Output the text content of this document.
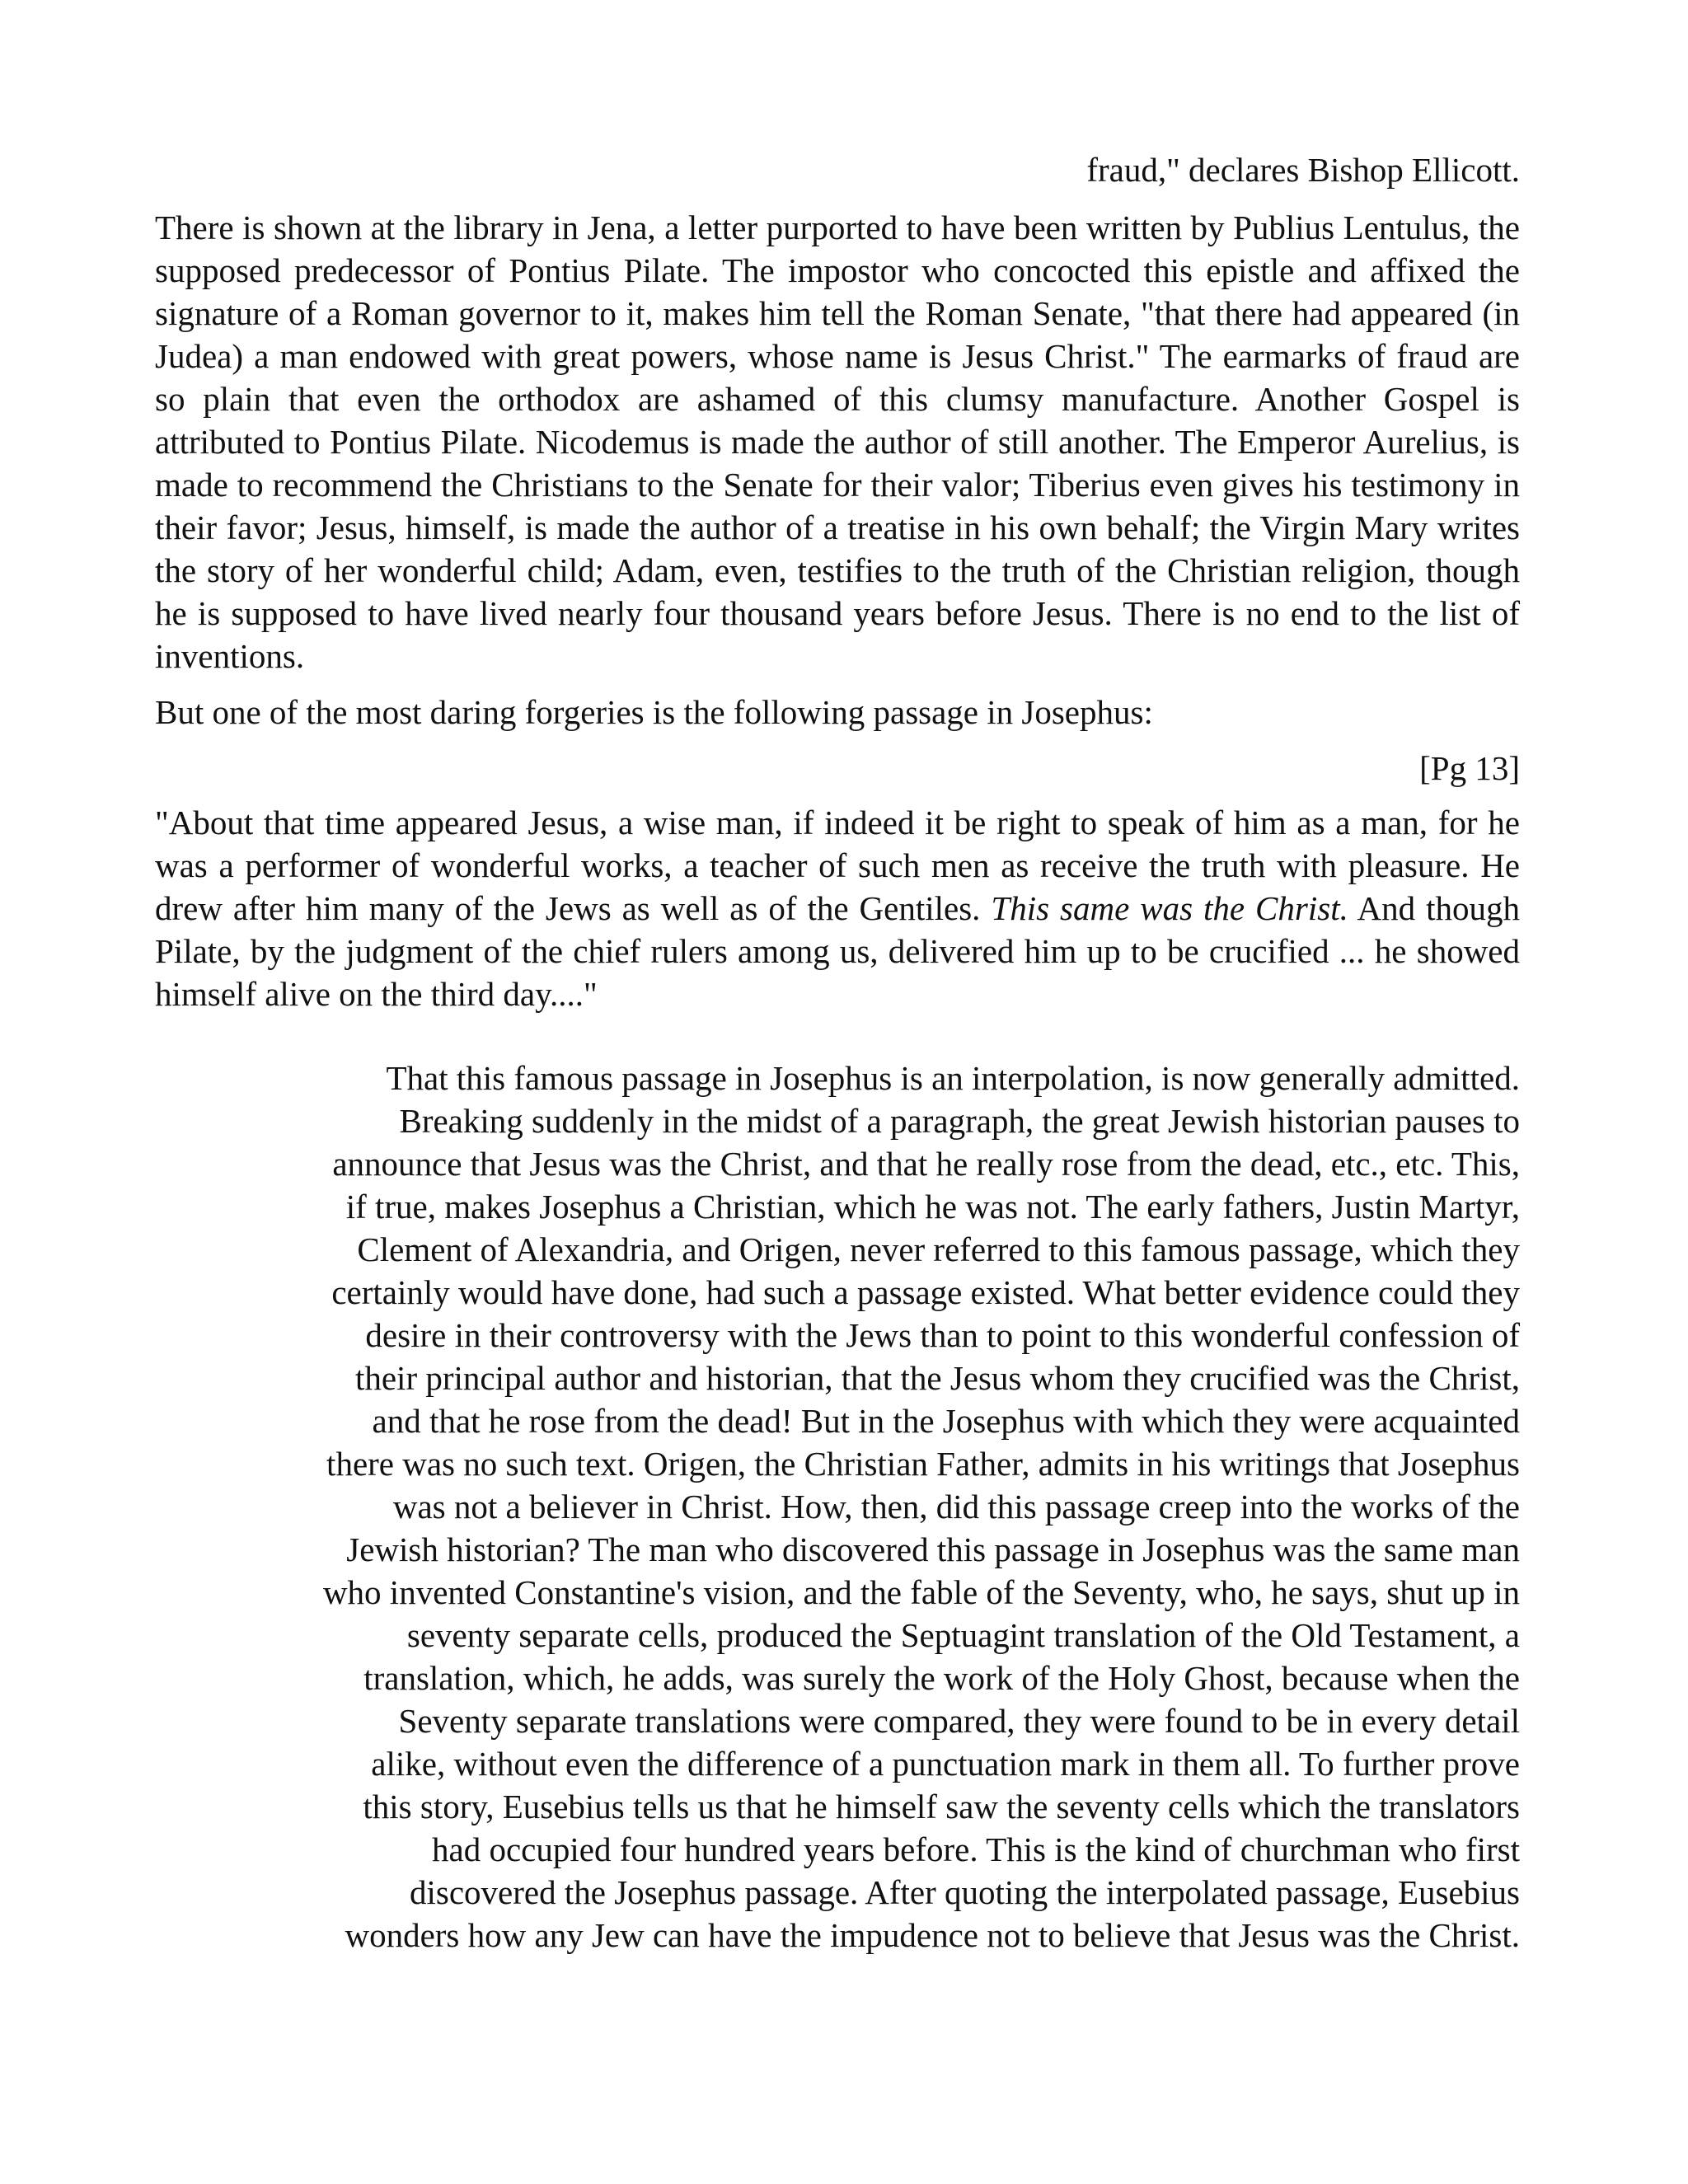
fraud," declares Bishop Ellicott.

There is shown at the library in Jena, a letter purported to have been written by Publius Lentulus, the supposed predecessor of Pontius Pilate. The impostor who concocted this epistle and affixed the signature of a Roman governor to it, makes him tell the Roman Senate, "that there had appeared (in Judea) a man endowed with great powers, whose name is Jesus Christ." The earmarks of fraud are so plain that even the orthodox are ashamed of this clumsy manufacture. Another Gospel is attributed to Pontius Pilate. Nicodemus is made the author of still another. The Emperor Aurelius, is made to recommend the Christians to the Senate for their valor; Tiberius even gives his testimony in their favor; Jesus, himself, is made the author of a treatise in his own behalf; the Virgin Mary writes the story of her wonderful child; Adam, even, testifies to the truth of the Christian religion, though he is supposed to have lived nearly four thousand years before Jesus. There is no end to the list of inventions.

But one of the most daring forgeries is the following passage in Josephus:

[Pg 13]

"About that time appeared Jesus, a wise man, if indeed it be right to speak of him as a man, for he was a performer of wonderful works, a teacher of such men as receive the truth with pleasure. He drew after him many of the Jews as well as of the Gentiles. This same was the Christ. And though Pilate, by the judgment of the chief rulers among us, delivered him up to be crucified ... he showed himself alive on the third day...."

That this famous passage in Josephus is an interpolation, is now generally admitted.
Breaking suddenly in the midst of a paragraph, the great Jewish historian pauses to
announce that Jesus was the Christ, and that he really rose from the dead, etc., etc. This,
if true, makes Josephus a Christian, which he was not. The early fathers, Justin Martyr,
Clement of Alexandria, and Origen, never referred to this famous passage, which they
certainly would have done, had such a passage existed. What better evidence could they
desire in their controversy with the Jews than to point to this wonderful confession of
their principal author and historian, that the Jesus whom they crucified was the Christ,
and that he rose from the dead! But in the Josephus with which they were acquainted
there was no such text. Origen, the Christian Father, admits in his writings that Josephus
was not a believer in Christ. How, then, did this passage creep into the works of the
Jewish historian? The man who discovered this passage in Josephus was the same man
who invented Constantine's vision, and the fable of the Seventy, who, he says, shut up in
seventy separate cells, produced the Septuagint translation of the Old Testament, a
translation, which, he adds, was surely the work of the Holy Ghost, because when the
Seventy separate translations were compared, they were found to be in every detail
alike, without even the difference of a punctuation mark in them all. To further prove
this story, Eusebius tells us that he himself saw the seventy cells which the translators
had occupied four hundred years before. This is the kind of churchman who first
discovered the Josephus passage. After quoting the interpolated passage, Eusebius
wonders how any Jew can have the impudence not to believe that Jesus was the Christ.
